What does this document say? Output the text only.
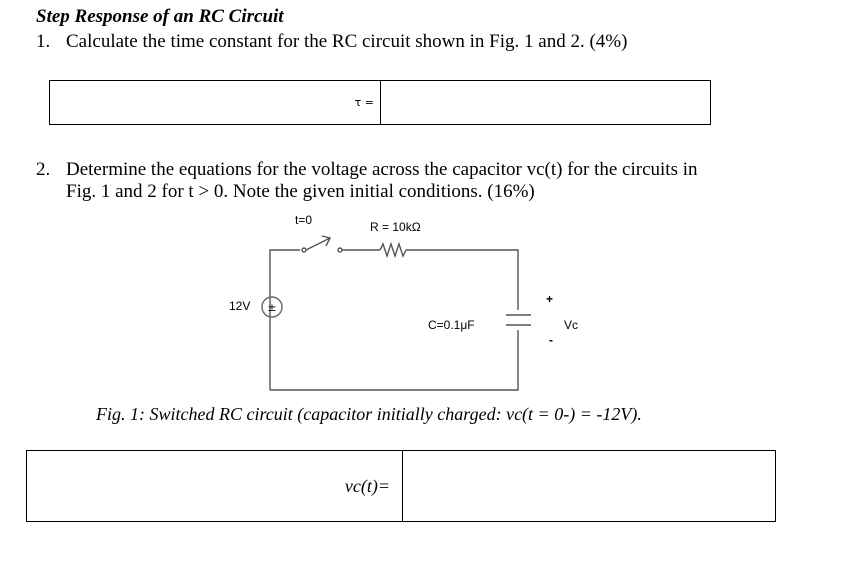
Step Response of an RC Circuit
1. Calculate the time constant for the RC circuit shown in Fig. 1 and 2. (4%)
τ =
2. Determine the equations for the voltage across the capacitor vc(t) for the circuits in
Fig. 1 and 2 for t > 0. Note the given initial conditions. (16%)
±
t=0	R = 10kΩ
12V
C=0.1μF
+
-
Vc
Fig. 1: Switched RC circuit (capacitor initially charged: vc(t = 0-) = -12V).
vc(t)=
